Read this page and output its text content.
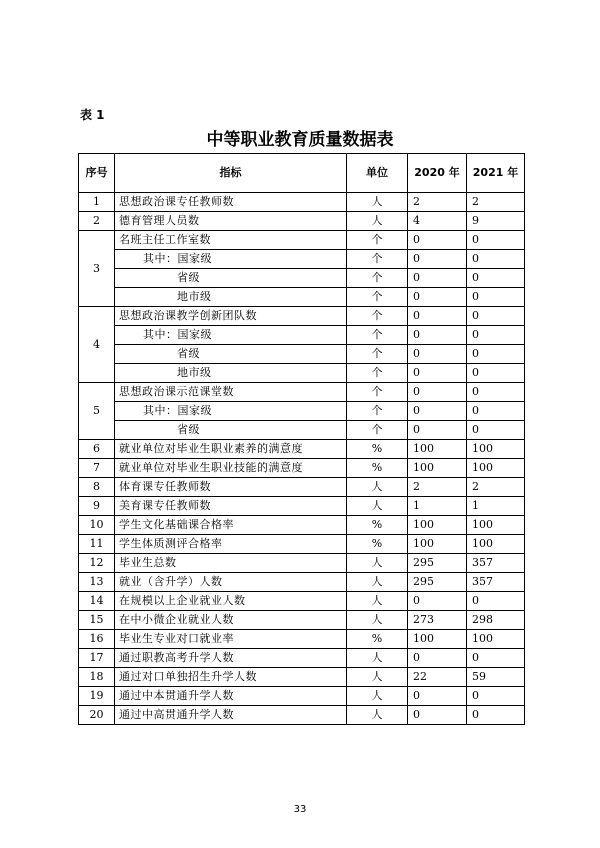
表 1
中等职业教育质量数据表
序号	指标	单位	2020 年	2021 年
1	思想政治课专任教师数	人	2	2
2	德育管理人员数	人	4	9
3	名班主任工作室数	个	0	0
	其中：国家级	个	0	0
	省级	个	0	0
	地市级	个	0	0
4	思想政治课教学创新团队数	个	0	0
	其中：国家级	个	0	0
	省级	个	0	0
	地市级	个	0	0
5	思想政治课示范课堂数	个	0	0
	其中：国家级	个	0	0
	省级	个	0	0
6	就业单位对毕业生职业素养的满意度	%	100	100
7	就业单位对毕业生职业技能的满意度	%	100	100
8	体育课专任教师数	人	2	2
9	美育课专任教师数	人	1	1
10	学生文化基础课合格率	%	100	100
11	学生体质测评合格率	%	100	100
12	毕业生总数	人	295	357
13	就业（含升学）人数	人	295	357
14	在规模以上企业就业人数	人	0	0
15	在中小微企业就业人数	人	273	298
16	毕业生专业对口就业率	%	100	100
17	通过职教高考升学人数	人	0	0
18	通过对口单独招生升学人数	人	22	59
19	通过中本贯通升学人数	人	0	0
20	通过中高贯通升学人数	人	0	0
33
